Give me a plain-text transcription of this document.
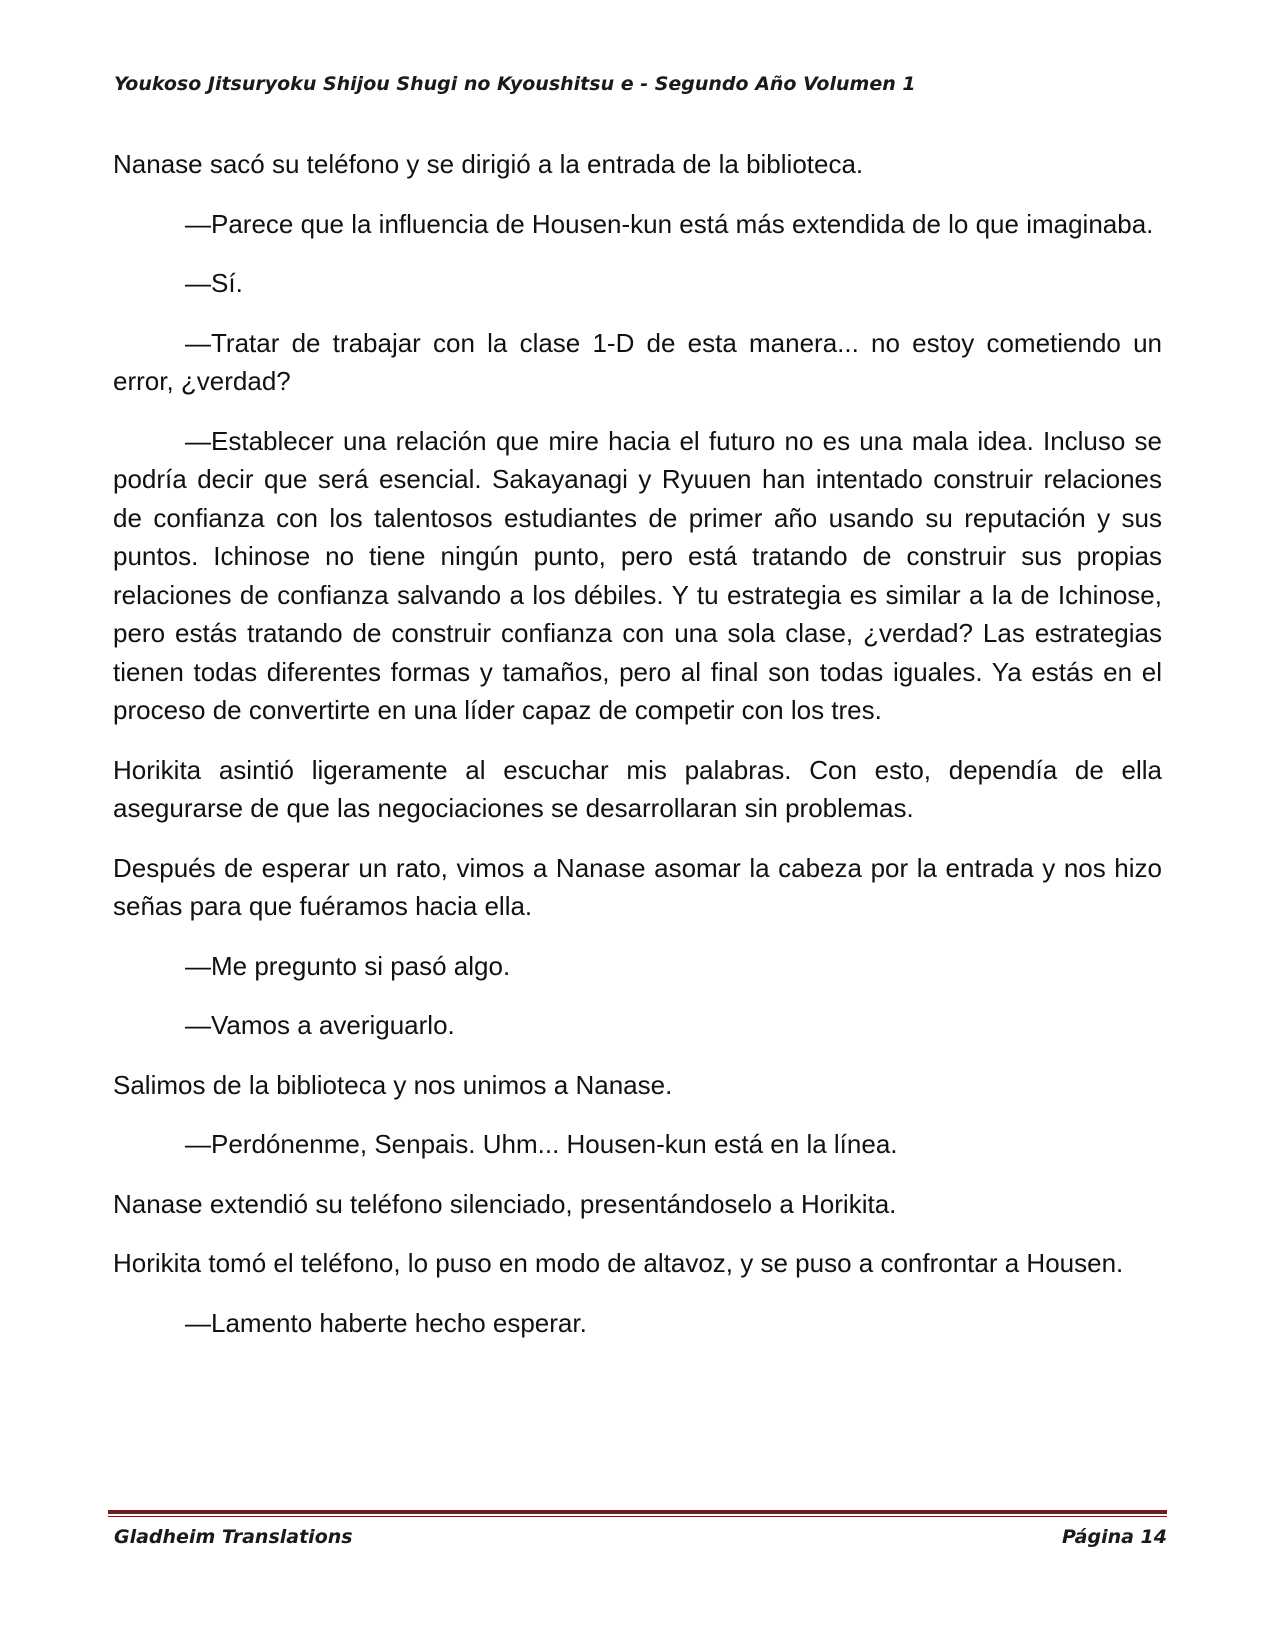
Youkoso Jitsuryoku Shijou Shugi no Kyoushitsu e - Segundo Año Volumen 1

Nanase sacó su teléfono y se dirigió a la entrada de la biblioteca.

—Parece que la influencia de Housen-kun está más extendida de lo que imaginaba.

—Sí.

—Tratar de trabajar con la clase 1-D de esta manera... no estoy cometiendo un error, ¿verdad?

—Establecer una relación que mire hacia el futuro no es una mala idea. Incluso se podría decir que será esencial. Sakayanagi y Ryuuen han intentado construir relaciones de confianza con los talentosos estudiantes de primer año usando su reputación y sus puntos. Ichinose no tiene ningún punto, pero está tratando de construir sus propias relaciones de confianza salvando a los débiles. Y tu estrategia es similar a la de Ichinose, pero estás tratando de construir confianza con una sola clase, ¿verdad? Las estrategias tienen todas diferentes formas y tamaños, pero al final son todas iguales. Ya estás en el proceso de convertirte en una líder capaz de competir con los tres.

Horikita asintió ligeramente al escuchar mis palabras. Con esto, dependía de ella asegurarse de que las negociaciones se desarrollaran sin problemas.

Después de esperar un rato, vimos a Nanase asomar la cabeza por la entrada y nos hizo señas para que fuéramos hacia ella.

—Me pregunto si pasó algo.

—Vamos a averiguarlo.

Salimos de la biblioteca y nos unimos a Nanase.

—Perdónenme, Senpais. Uhm... Housen-kun está en la línea.

Nanase extendió su teléfono silenciado, presentándoselo a Horikita.

Horikita tomó el teléfono, lo puso en modo de altavoz, y se puso a confrontar a Housen.

—Lamento haberte hecho esperar.

Gladheim Translations	Página 14
